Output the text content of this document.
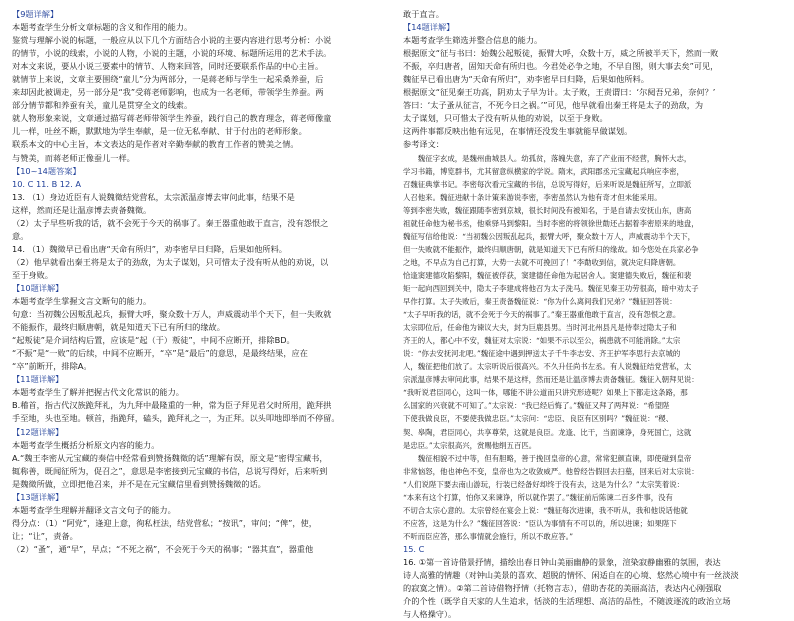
【9题详解】
本题考查学生分析文章标题的含义和作用的能力。
鉴赏与理解小说的标题，一般应从以下几个方面结合小说的主要内容进行思考分析：小说
的情节，小说的线索，小说的人物，小说的主题，小说的环境、标题所运用的艺术手法。
对本文来说，要从小说三要素中的情节、人物来回答，同时还要联系作品的中心主旨。
就情节上来说，文章主要围绕“童儿”分为两部分，一是蒋老师与学生一起采桑养蚕，后
来却因此被调走，另一部分是“我”受蒋老师影响，也成为一名老师，带领学生养蚕。两
部分情节都和养蚕有关，童儿是贯穿全文的线索。
就人物形象来说，文章通过描写蒋老师带领学生养蚕，践行自己的教育理念，蒋老师像童
儿一样，吐丝不断，默默地为学生奉献，是一位无私奉献、甘于付出的老师形象。
联系本文的中心主旨，本文表达的是作者对辛勤奉献的教育工作者的赞美之情。
与赞美，而蒋老师正像蚕儿一样。
【10~14题答案】
10. C 11. B 12. A
13. （1）身边近臣有人说魏徵结党营私，太宗派温彦博去审问此事，结果不是
这样，然而还是让温彦博去责备魏徵。
（2）太子早些听我的话，就不会死于今天的祸事了。秦王器重他敢于直言，没有怨恨之
意。
14. （1）魏徵早已看出唐“天命有所归”，劝李密早日归降，后果如他所料。
（2）他早就看出秦王将是太子的劲敌，为太子谋划，只可惜太子没有听从他的劝说，以
至于身败。
【10题详解】
本题考查学生掌握文言文断句的能力。
句意：当初魏公因叛乱起兵，振臂大呼，聚众数十万人，声威震动半个天下，但一失败就
不能振作，最终归顺唐朝，就是知道天下已有所归的缘故。
“起叛徒”是介词结构后置，应该是“起（于）叛徒”，中间不应断开，排除BD。
“不振”是“一败”的后续，中间不应断开，“卒”是“最后”的意思，是最终结果，应在
“卒”前断开，排除A。
【11题详解】
本题考查学生了解并把握古代文化常识的能力。
B.稽首，指古代汉族跪拜礼，为九拜中最隆重的一种，常为臣子拜见君父时所用，跪拜拱
手至地，头也至地。顿首，指跪拜，磕头，跪拜礼之一，为正拜。以头叩地即举而不停留。
【12题详解】
本题考查学生概括分析原文内容的能力。
A.“魏王李密从元宝藏的奏信中经常看到赞扬魏徵的话”理解有误，原文是“密得宝藏书，
辄称善，既闻征所为，促召之”，意思是李密接到元宝藏的书信，总说写得好，后来听到
是魏徵所做，立即把他召来，并不是在元宝藏信里看到赞扬魏徵的话。
【13题详解】
本题考查学生理解并翻译文言文句子的能力。
得分点：（1）“阿党”，逢迎上意，徇私枉法，结党营私；“按讯”，审问；“俾”，使，
让；“让”，责备。
（2）“蚤”，通“早”，早点；“不死之祸”，不会死于今天的祸事；“器其直”，器重他
敢于直言。
【14题详解】
本题考查学生筛选并整合信息的能力。
根据原文“征与书曰：始魏公起叛徒，振臂大呼，众数十万，威之所被半天下，然而一败
不振，卒归唐者，固知天命有所归也。今君处必争之地，不早自图，则大事去矣”可见，
魏征早已看出唐为“天命有所归”，劝李密早日归降，后果如他所料。
根据原文“征见秦王功高，阴劝太子早为计。太子败，王责谓曰：‘尔阋吾兄弟，奈何？’
答曰：‘太子蚤从征言，不死今日之祸。’”可见，他早就看出秦王将是太子的劲敌，为
太子谋划，只可惜太子没有听从他的劝说，以至于身败。
这两件事都反映出他有远见，在事情还没发生事就能早做谋划。
参考译文：
魏征字玄成，是魏州曲城县人。幼孤贫，落魄失意，弃了产业而不经营，胸怀大志，
学习书籍，博览群书，尤其留意纵横家的学说。隋末，武阳郡丞元宝藏起兵响应李密，
召魏征典掌书记。李密每次看元宝藏的书信，总说写得好，后来听说是魏征所写，立即派
人召他来。魏征进献十条计策来游说李密，李密虽然认为他有奇才但未能采用。
等到李密失败，魏征跟随李密到京城，很长时间没有被知名，于是自请去安抚山东，唐高
祖就任命他为秘书丞，他乘驿马到黎阳。当时李密的将领徐世勣还占据着李密原来的地盘，
魏征写信给他说：“当初魏公因叛乱起兵，振臂大呼，聚众数十万人，声威震动半个天下，
但一失败就不能振作，最终归顺唐朝，就是知道天下已有所归的缘故。如今您处在兵家必争
之地，不早点为自己打算，大势一去就不可挽回了！”李勣收到信，就决定归降唐朝。
恰逢窦建德攻陷黎阳，魏征被俘获，窦建德任命他为起居舍人。窦建德失败后，魏征和裴
矩一起向西回到关中，隐太子李建成将他召为太子洗马。魏征见秦王功劳很高，暗中劝太子
早作打算。太子失败后，秦王责备魏征说：“你为什么离间我们兄弟？”魏征回答说：
“太子早听我的话，就不会死于今天的祸事了。”秦王器重他敢于直言，没有怨恨之意。
太宗即位后，任命他为谏议大夫，封为巨鹿县男。当时河北州县凡是侍奉过隐太子和
齐王的人，都心中不安，魏征对太宗说：“如果不示以至公，祸患就不可能消除。”太宗
说：“你去安抚河北吧。”魏征途中遇到押送太子千牛李志安、齐王护军李思行去京城的
人，魏征把他们放了。太宗听说后很高兴。不久升任尚书左丞。有人说魏征结党营私，太
宗派温彦博去审问此事，结果不是这样，然而还是让温彦博去责备魏征。魏征入朝拜见说：
“我听说君臣同心，这叫一体，哪能不讲公道而只讲究形迹呢？如果上下都走这条路，那
么国家的兴衰就不可知了。”太宗说：“我已经后悔了。”魏征又拜了两拜说：“希望陛
下使我做良臣，不要使我做忠臣。”太宗问：“忠臣、良臣有区别吗？”魏征说：“稷、
契、皋陶，君臣同心，共享尊荣，这就是良臣。龙逢、比干，当面谏诤，身死国亡，这就
是忠臣。”太宗很高兴，赏赐他绢五百匹。
魏征相貌不过中等，但有胆略，善于挽回皇帝的心意，常常犯颜直谏，即使碰到皇帝
非常恼怒，他也神色不变，皇帝也为之收敛威严。他曾经告假回去扫墓，回来后对太宗说：
“人们说陛下要去南山游玩，行装已经备好却终于没有去，这是为什么？”太宗笑着说：
“本来有这个打算，怕你又来谏诤，所以就作罢了。”魏征前后陈谏二百多件事，没有
不切合太宗心意的。太宗曾经在宴会上说：“魏征每次进谏，我不听从，我和他说话他就
不应答，这是为什么？”魏征回答说：“臣认为事情有不可以的，所以进谏；如果陛下
不听而臣应答，那么事情就会施行，所以不敢应答。”
15. C
16. ①第一首诗借景抒情，描绘出春日钟山美丽幽静的景象，渲染寂静幽雅的氛围，表达
诗人高雅的情趣（对钟山美景的喜欢、超脱的情怀、闲适自在的心境、悠然心境中有一丝淡淡
的寂寞之情）。②第二首诗借物抒情（托物言志），借助杏花的美丽高洁，表达内心刚强取
介的个性（既学自天家的人生追求，恬淡的生活理想、高洁的品性，不随波逐流的政治立场
与人格操守）。
